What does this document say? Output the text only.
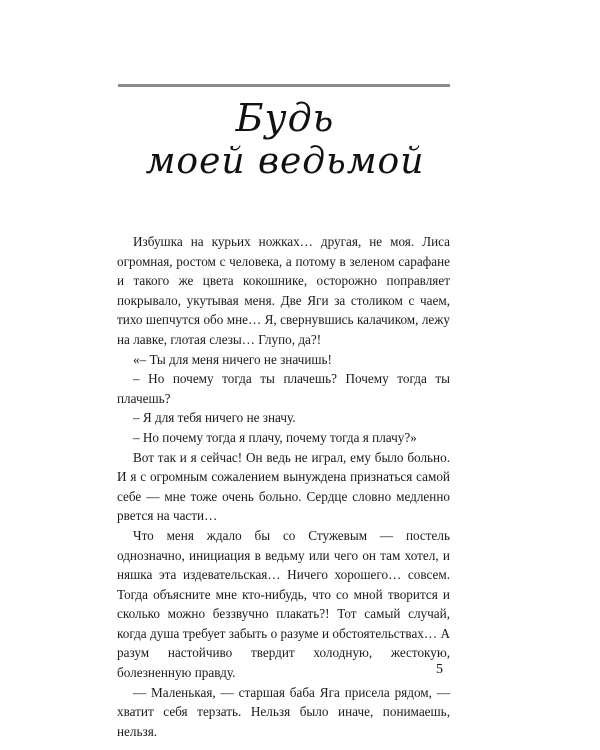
Будь
моей ведьмой

Избушка на курьих ножках… другая, не моя. Лиса огромная, ростом с человека, а потому в зеленом сарафане и такого же цвета кокошнике, осторожно поправляет покрывало, укутывая меня. Две Яги за столиком с чаем, тихо шепчутся обо мне… Я, свернувшись калачиком, лежу на лавке, глотая слезы… Глупо, да?!

«– Ты для меня ничего не значишь!

– Но почему тогда ты плачешь? Почему тогда ты плачешь?

– Я для тебя ничего не значу.

– Но почему тогда я плачу, почему тогда я плачу?»

Вот так и я сейчас! Он ведь не играл, ему было больно. И я с огромным сожалением вынуждена признаться самой себе — мне тоже очень больно. Сердце словно медленно рвется на части…

Что меня ждало бы со Стужевым — постель однозначно, инициация в ведьму или чего он там хотел, и няшка эта издевательская… Ничего хорошего… совсем. Тогда объясните мне кто-нибудь, что со мной творится и сколько можно беззвучно плакать?! Тот самый случай, когда душа требует забыть о разуме и обстоятельствах… А разум настойчиво твердит холодную, жестокую, болезненную правду.

— Маленькая, — старшая баба Яга присела рядом, — хватит себя терзать. Нельзя было иначе, понимаешь, нельзя.

5
